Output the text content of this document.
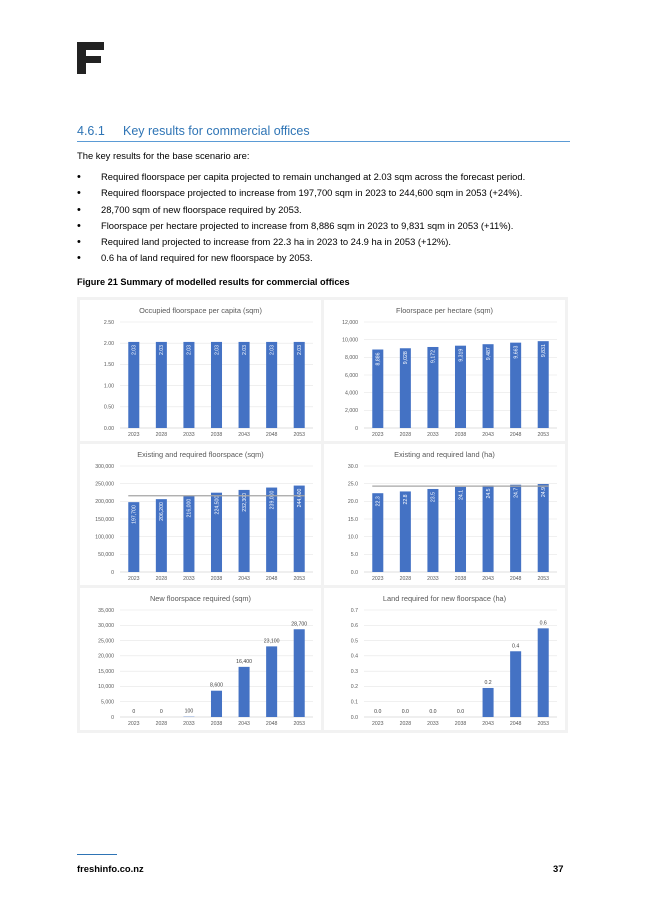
4.6.1 Key results for commercial offices
The key results for the base scenario are:
• Required floorspace per capita projected to remain unchanged at 2.03 sqm across the forecast period.
• Required floorspace projected to increase from 197,700 sqm in 2023 to 244,600 sqm in 2053 (+24%).
• 28,700 sqm of new floorspace required by 2053.
• Floorspace per hectare projected to increase from 8,886 sqm in 2023 to 9,831 sqm in 2053 (+11%).
• Required land projected to increase from 22.3 ha in 2023 to 24.9 ha in 2053 (+12%).
• 0.6 ha of land required for new floorspace by 2053.
Figure 21 Summary of modelled results for commercial offices
Occupied floorspace per capita (sqm)
0.00
0.50
1.00
1.50
2.00
2.50
2023
2.03
2028
2.03
2033
2.03
2038
2.03
2043
2.03
2048
2.03
2053
2.03
Floorspace per hectare (sqm)
0
2,000
4,000
6,000
8,000
10,000
12,000
2023
8,886
2028
9,028
2033
9,172
2038
9,319
2043
9,487
2048
9,663
2053
9,831
Existing and required floorspace (sqm)
0
50,000
100,000
150,000
200,000
250,000
300,000
2023
197,700
2028
206,200
2033
216,000
2038
224,500
2043
232,300
2048
239,000
2053
244,600
Existing and required land (ha)
0.0
5.0
10.0
15.0
20.0
25.0
30.0
2023
22.3
2028
22.8
2033
23.5
2038
24.1
2043
24.5
2048
24.7
2053
24.9
New floorspace required (sqm)
0
5,000
10,000
15,000
20,000
25,000
30,000
35,000
2023
0
2028
0
2033
100
2038
8,600
2043
16,400
2048
23,100
2053
28,700
Land required for new floorspace (ha)
0.0
0.1
0.2
0.3
0.4
0.5
0.6
0.7
2023
0.0
2028
0.0
2033
0.0
2038
0.0
2043
0.2
2048
0.4
2053
0.6
freshinfo.co.nz	37
